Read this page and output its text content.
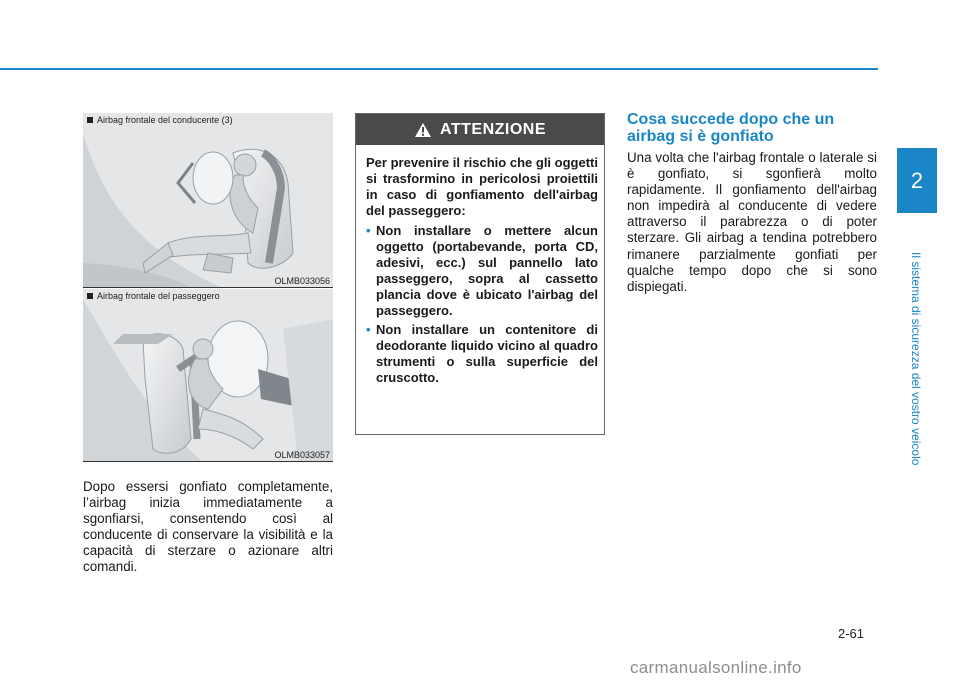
Airbag frontale del conducente (3)
OLMB033056
Airbag frontale del passeggero
OLMB033057
Dopo essersi gonfiato completamente, l’airbag inizia immediatamente a sgonfiarsi, consentendo così al conducente di conservare la visibilità e la capacità di sterzare o azionare altri comandi.
ATTENZIONE
Per prevenire il rischio che gli oggetti si trasformino in pericolosi proiettili in caso di gonfiamento dell'airbag del passeggero:
• Non installare o mettere alcun oggetto (portabevande, porta CD, adesivi, ecc.) sul pannello lato passeggero, sopra al cassetto plancia dove è ubicato l'airbag del passeggero.
• Non installare un contenitore di deodorante liquido vicino al quadro strumenti o sulla superficie del cruscotto.
Cosa succede dopo che un airbag si è gonfiato
Una volta che l'airbag frontale o laterale si è gonfiato, si sgonfierà molto rapidamente. Il gonfiamento dell'airbag non impedirà al conducente di vedere attraverso il parabrezza o di poter sterzare. Gli airbag a tendina potrebbero rimanere parzialmente gonfiati per qualche tempo dopo che si sono dispiegati.
2
Il sistema di sicurezza del vostro veicolo
2-61
carmanualsonline.info
